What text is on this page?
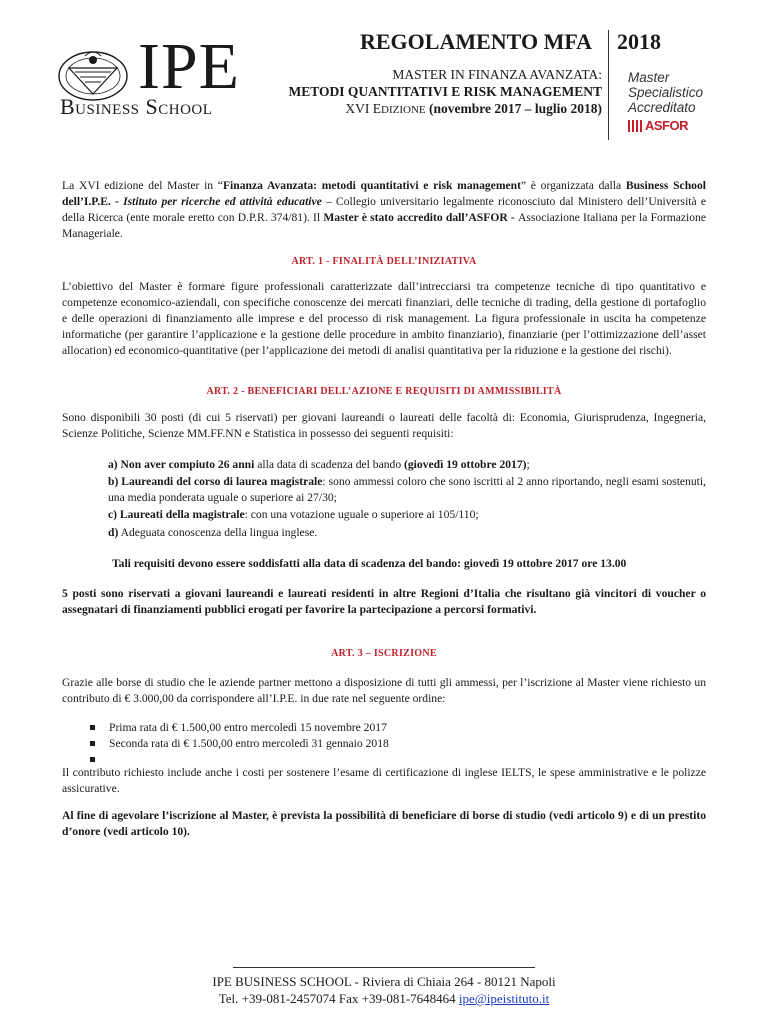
IPE
Business School
REGOLAMENTO MFA 2018
MASTER IN FINANZA AVANZATA:
METODI QUANTITATIVI E RISK MANAGEMENT
XVI EDIZIONE (novembre 2017 – luglio 2018)
Master
Specialistico
Accreditato
ASFOR
La XVI edizione del Master in “Finanza Avanzata: metodi quantitativi e risk management” è organizzata dalla Business School dell’I.P.E. - Istituto per ricerche ed attività educative – Collegio universitario legalmente riconosciuto dal Ministero dell’Università e della Ricerca (ente morale eretto con D.P.R. 374/81). Il Master è stato accredito dall’ASFOR - Associazione Italiana per la Formazione Manageriale.
ART. 1 - FINALITÀ DELL’INIZIATIVA
L’obiettivo del Master è formare figure professionali caratterizzate dall’intrecciarsi tra competenze tecniche di tipo quantitativo e competenze economico-aziendali, con specifiche conoscenze dei mercati finanziari, delle tecniche di trading, della gestione di portafoglio e delle operazioni di finanziamento alle imprese e del processo di risk management. La figura professionale in uscita ha competenze informatiche (per garantire l’applicazione e la gestione delle procedure in ambito finanziario), finanziarie (per l’ottimizzazione dell’asset allocation) ed economico-quantitative (per l’applicazione dei metodi di analisi quantitativa per la riduzione e la gestione dei rischi).
ART. 2 - BENEFICIARI DELL’AZIONE E REQUISITI DI AMMISSIBILITÀ
Sono disponibili 30 posti (di cui 5 riservati) per giovani laureandi o laureati delle facoltà di: Economia, Giurisprudenza, Ingegneria, Scienze Politiche, Scienze MM.FF.NN e Statistica in possesso dei seguenti requisiti:
a) Non aver compiuto 26 anni alla data di scadenza del bando (giovedì 19 ottobre 2017);
b) Laureandi del corso di laurea magistrale: sono ammessi coloro che sono iscritti al 2 anno riportando, negli esami sostenuti, una media ponderata uguale o superiore ai 27/30;
c) Laureati della magistrale: con una votazione uguale o superiore ai 105/110;
d) Adeguata conoscenza della lingua inglese.
Tali requisiti devono essere soddisfatti alla data di scadenza del bando: giovedì 19 ottobre 2017 ore 13.00
5 posti sono riservati a giovani laureandi e laureati residenti in altre Regioni d’Italia che risultano già vincitori di voucher o assegnatari di finanziamenti pubblici erogati per favorire la partecipazione a percorsi formativi.
ART. 3 – ISCRIZIONE
Grazie alle borse di studio che le aziende partner mettono a disposizione di tutti gli ammessi, per l’iscrizione al Master viene richiesto un contributo di € 3.000,00 da corrispondere all’I.P.E. in due rate nel seguente ordine:
Prima rata di € 1.500,00 entro mercoledì 15 novembre 2017
Seconda rata di € 1.500,00 entro mercoledì 31 gennaio 2018
Il contributo richiesto include anche i costi per sostenere l’esame di certificazione di inglese IELTS, le spese amministrative e le polizze assicurative.
Al fine di agevolare l’iscrizione al Master, è prevista la possibilità di beneficiare di borse di studio (vedi articolo 9) e di un prestito d’onore (vedi articolo 10).
IPE BUSINESS SCHOOL - Riviera di Chiaia 264 - 80121 Napoli
Tel. +39-081-2457074 Fax +39-081-7648464 ipe@ipeistituto.it
